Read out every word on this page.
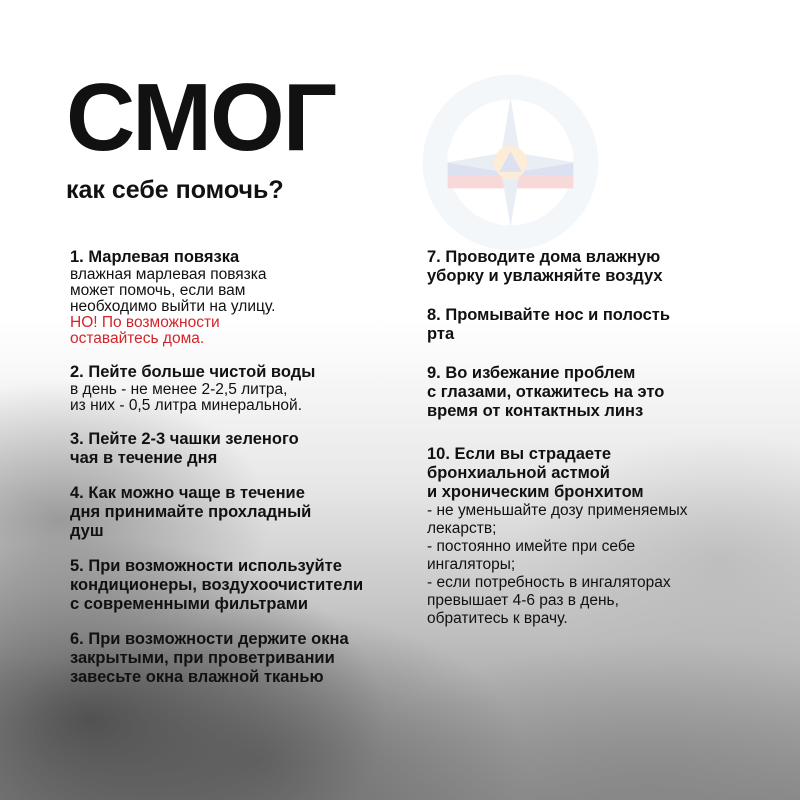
СМОГ
как себе помочь?
1. Марлевая повязка
влажная марлевая повязка
может помочь, если вам
необходимо выйти на улицу.
НО! По возможности
оставайтесь дома.
2. Пейте больше чистой воды
в день - не менее 2-2,5 литра,
из них - 0,5 литра минеральной.
3. Пейте 2-3 чашки зеленого
чая в течение дня
4. Как можно чаще в течение
дня принимайте прохладный
душ
5. При возможности используйте
кондиционеры, воздухоочистители
с современными фильтрами
6. При возможности держите окна
закрытыми, при проветривании
завесьте окна влажной тканью
7. Проводите дома влажную
уборку и увлажняйте воздух
8. Промывайте нос и полость
рта
9. Во избежание проблем
с глазами, откажитесь на это
время от контактных линз
10. Если вы страдаете
бронхиальной астмой
и хроническим бронхитом
- не уменьшайте дозу применяемых
лекарств;
- постоянно имейте при себе
ингаляторы;
- если потребность в ингаляторах
превышает 4-6 раз в день,
обратитесь к врачу.
